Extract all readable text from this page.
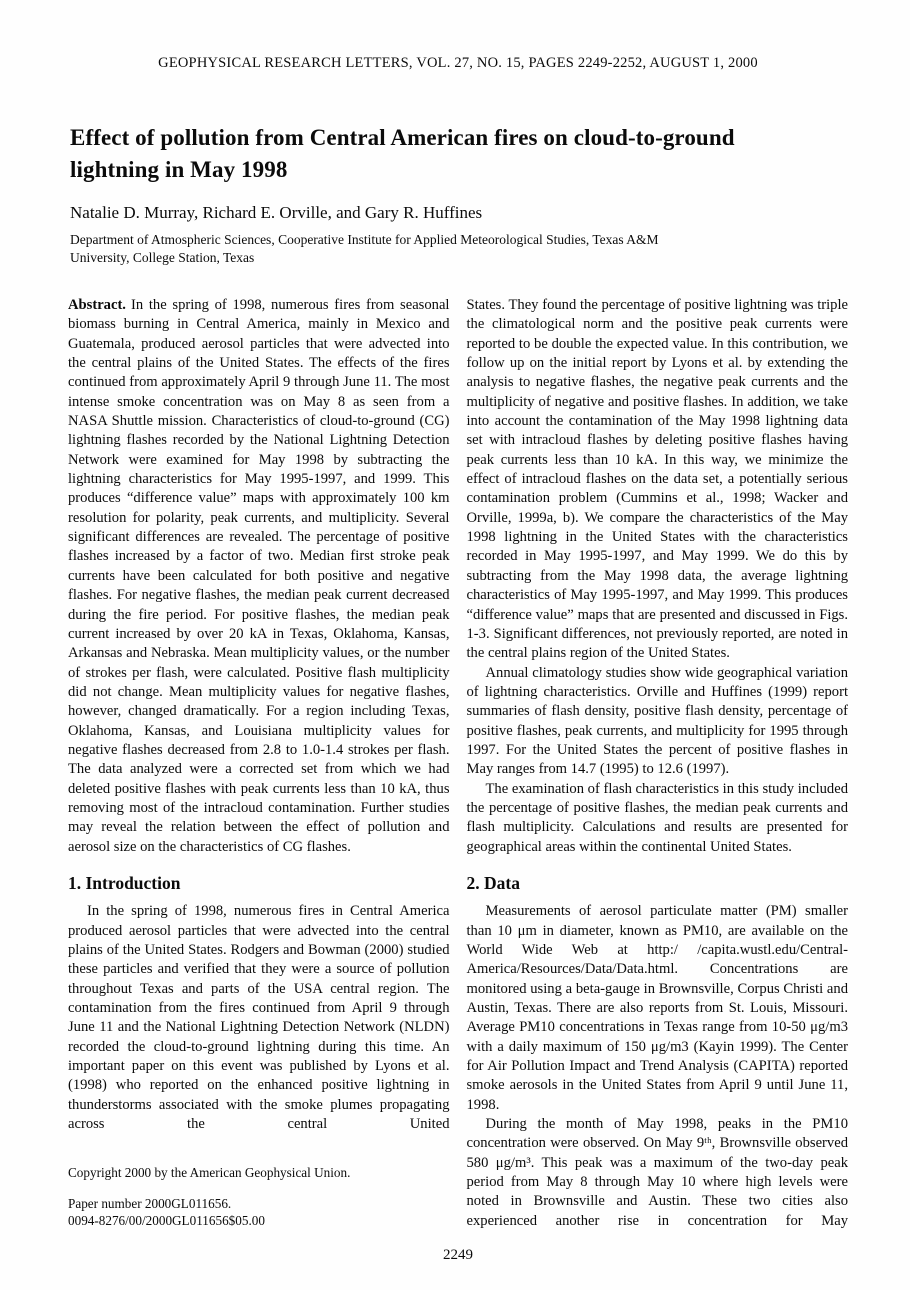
GEOPHYSICAL RESEARCH LETTERS, VOL. 27, NO. 15, PAGES 2249-2252, AUGUST 1, 2000
Effect of pollution from Central American fires on cloud-to-ground lightning in May 1998
Natalie D. Murray, Richard E. Orville, and Gary R. Huffines
Department of Atmospheric Sciences, Cooperative Institute for Applied Meteorological Studies, Texas A&M University, College Station, Texas

Abstract. In the spring of 1998, numerous fires from seasonal biomass burning in Central America, mainly in Mexico and Guatemala, produced aerosol particles that were advected into the central plains of the United States. The effects of the fires continued from approximately April 9 through June 11. The most intense smoke concentration was on May 8 as seen from a NASA Shuttle mission. Characteristics of cloud-to-ground (CG) lightning flashes recorded by the National Lightning Detection Network were examined for May 1998 by subtracting the lightning characteristics for May 1995-1997, and 1999. This produces “difference value” maps with approximately 100 km resolution for polarity, peak currents, and multiplicity. Several significant differences are revealed. The percentage of positive flashes increased by a factor of two. Median first stroke peak currents have been calculated for both positive and negative flashes. For negative flashes, the median peak current decreased during the fire period. For positive flashes, the median peak current increased by over 20 kA in Texas, Oklahoma, Kansas, Arkansas and Nebraska. Mean multiplicity values, or the number of strokes per flash, were calculated. Positive flash multiplicity did not change. Mean multiplicity values for negative flashes, however, changed dramatically. For a region including Texas, Oklahoma, Kansas, and Louisiana multiplicity values for negative flashes decreased from 2.8 to 1.0-1.4 strokes per flash. The data analyzed were a corrected set from which we had deleted positive flashes with peak currents less than 10 kA, thus removing most of the intracloud contamination. Further studies may reveal the relation between the effect of pollution and aerosol size on the characteristics of CG flashes.

1. Introduction

In the spring of 1998, numerous fires in Central America produced aerosol particles that were advected into the central plains of the United States. Rodgers and Bowman (2000) studied these particles and verified that they were a source of pollution throughout Texas and parts of the USA central region. The contamination from the fires continued from April 9 through June 11 and the National Lightning Detection Network (NLDN) recorded the cloud-to-ground lightning during this time. An important paper on this event was published by Lyons et al. (1998) who reported on the enhanced positive lightning in thunderstorms associated with the smoke plumes propagating across the central United

Copyright 2000 by the American Geophysical Union.

Paper number 2000GL011656.

0094-8276/00/2000GL011656$05.00

States. They found the percentage of positive lightning was triple the climatological norm and the positive peak currents were reported to be double the expected value. In this contribution, we follow up on the initial report by Lyons et al. by extending the analysis to negative flashes, the negative peak currents and the multiplicity of negative and positive flashes. In addition, we take into account the contamination of the May 1998 lightning data set with intracloud flashes by deleting positive flashes having peak currents less than 10 kA. In this way, we minimize the effect of intracloud flashes on the data set, a potentially serious contamination problem (Cummins et al., 1998; Wacker and Orville, 1999a, b). We compare the characteristics of the May 1998 lightning in the United States with the characteristics recorded in May 1995-1997, and May 1999. We do this by subtracting from the May 1998 data, the average lightning characteristics of May 1995-1997, and May 1999. This produces “difference value” maps that are presented and discussed in Figs. 1-3. Significant differences, not previously reported, are noted in the central plains region of the United States.

Annual climatology studies show wide geographical variation of lightning characteristics. Orville and Huffines (1999) report summaries of flash density, positive flash density, percentage of positive flashes, peak currents, and multiplicity for 1995 through 1997. For the United States the percent of positive flashes in May ranges from 14.7 (1995) to 12.6 (1997).

The examination of flash characteristics in this study included the percentage of positive flashes, the median peak currents and flash multiplicity. Calculations and results are presented for geographical areas within the continental United States.

2. Data

Measurements of aerosol particulate matter (PM) smaller than 10 μm in diameter, known as PM10, are available on the World Wide Web at http:/ /capita.wustl.edu/Central-America/Resources/Data/Data.html. Concentrations are monitored using a beta-gauge in Brownsville, Corpus Christi and Austin, Texas. There are also reports from St. Louis, Missouri. Average PM10 concentrations in Texas range from 10-50 μg/m3 with a daily maximum of 150 μg/m3 (Kayin 1999). The Center for Air Pollution Impact and Trend Analysis (CAPITA) reported smoke aerosols in the United States from April 9 until June 11, 1998.

During the month of May 1998, peaks in the PM10 concentration were observed. On May 9ᵗʰ, Brownsville observed 580 μg/m³. This peak was a maximum of the two-day peak period from May 8 through May 10 where high levels were noted in Brownsville and Austin. These two cities also experienced another rise in concentration for May

2249
